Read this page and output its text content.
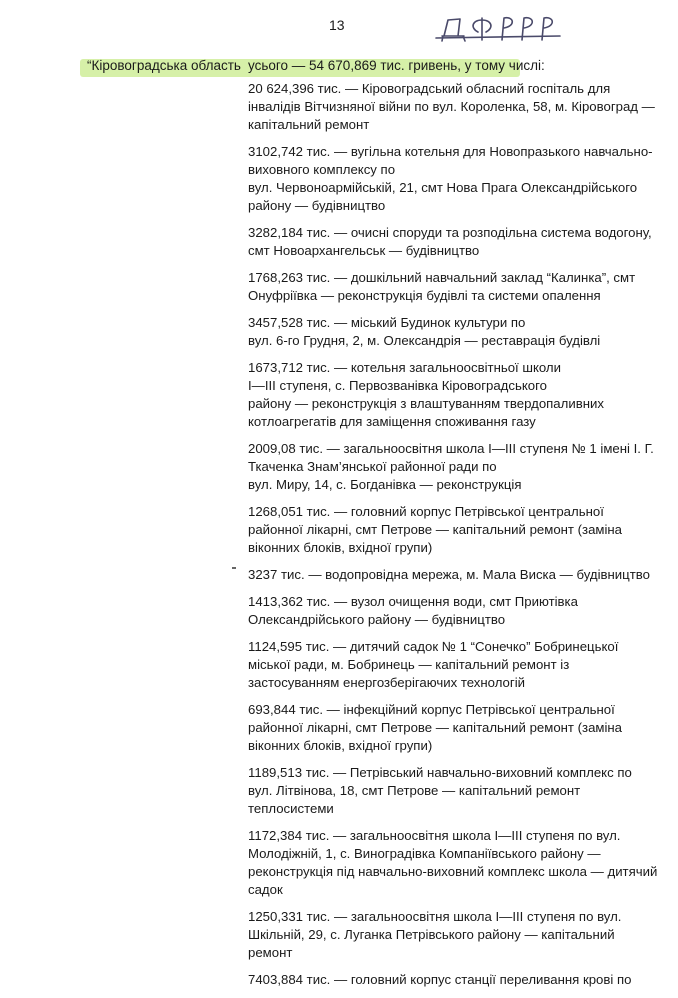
13
“Кіровоградська область усього — 54 670,869 тис. гривень, у тому числі:
20 624,396 тис. — Кіровоградський обласний госпіталь для
інвалідів Вітчизняної війни по вул. Короленка, 58, м. Кіровоград —
капітальний ремонт
3102,742 тис. — вугільна котельня для Новопразького навчально-
виховного комплексу по
вул. Червоноармійській, 21, смт Нова Прага Олександрійського
району — будівництво
3282,184 тис. — очисні споруди та розподільна система водогону,
смт Новоархангельськ — будівництво
1768,263 тис. — дошкільний навчальний заклад “Калинка”, смт
Онуфріївка — реконструкція будівлі та системи опалення
3457,528 тис. — міський Будинок культури по
вул. 6-го Грудня, 2, м. Олександрія — реставрація будівлі
1673,712 тис. — котельня загальноосвітньої школи
I—III ступеня, с. Первозванівка Кіровоградського
району — реконструкція з влаштуванням твердопаливних
котлоагрегатів для заміщення споживання газу
2009,08 тис. — загальноосвітня школа I—III ступеня № 1 імені І. Г.
Ткаченка Знам’янської районної ради по
вул. Миру, 14, с. Богданівка — реконструкція
1268,051 тис. — головний корпус Петрівської центральної
районної лікарні, смт Петрове — капітальний ремонт (заміна
віконних блоків, вхідної групи)
3237 тис. — водопровідна мережа, м. Мала Виска — будівництво
1413,362 тис. — вузол очищення води, смт Приютівка
Олександрійського району — будівництво
1124,595 тис. — дитячий садок № 1 “Сонечко” Бобринецької
міської ради, м. Бобринець — капітальний ремонт із
застосуванням енергозберігаючих технологій
693,844 тис. — інфекційний корпус Петрівської центральної
районної лікарні, смт Петрове — капітальний ремонт (заміна
віконних блоків, вхідної групи)
1189,513 тис. — Петрівський навчально-виховний комплекс по
вул. Літвінова, 18, смт Петрове — капітальний ремонт
теплосистеми
1172,384 тис. — загальноосвітня школа I—III ступеня по вул.
Молодіжній, 1, с. Виноградівка Компаніївського району —
реконструкція під навчально-виховний комплекс школа — дитячий
садок
1250,331 тис. — загальноосвітня школа I—III ступеня по вул.
Шкільній, 29, с. Луганка Петрівського району — капітальний
ремонт
7403,884 тис. — головний корпус станції переливання крові по
